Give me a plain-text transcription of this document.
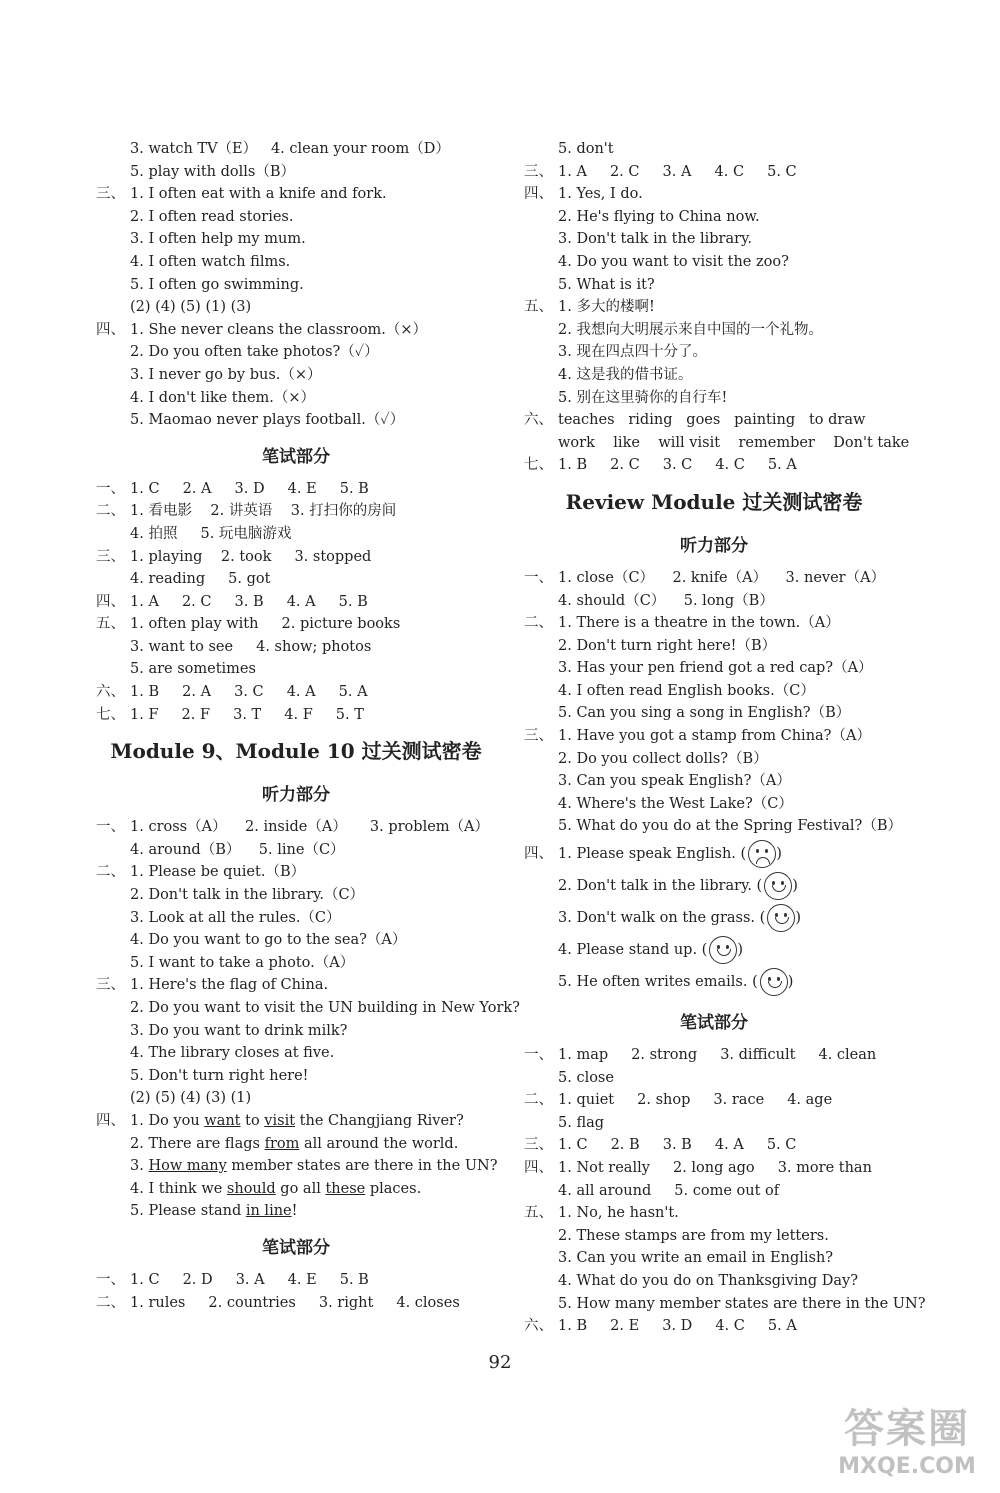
3. watch TV（E）   4. clean your room（D）
5. play with dolls（B）
三、 1. I often eat with a knife and fork.
2. I often read stories.
3. I often help my mum.
4. I often watch films.
5. I often go swimming.
(2) (4) (5) (1) (3)
四、 1. She never cleans the classroom.（×）
2. Do you often take photos?（✓）
3. I never go by bus.（×）
4. I don't like them.（×）
5. Maomao never plays football.（✓）
笔试部分
一、 1. C     2. A     3. D     4. E     5. B
二、 1. 看电影    2. 讲英语    3. 打扫你的房间
4. 拍照     5. 玩电脑游戏
三、 1. playing    2. took     3. stopped
4. reading     5. got
四、 1. A     2. C     3. B     4. A     5. B
五、 1. often play with     2. picture books
3. want to see     4. show; photos
5. are sometimes
六、 1. B     2. A     3. C     4. A     5. A
七、 1. F     2. F     3. T     4. F     5. T
Module 9、Module 10 过关测试密卷
听力部分
一、 1. cross（A）    2. inside（A）     3. problem（A）
4. around（B）    5. line（C）
二、 1. Please be quiet.（B）
2. Don't talk in the library.（C）
3. Look at all the rules.（C）
4. Do you want to go to the sea?（A）
5. I want to take a photo.（A）
三、 1. Here's the flag of China.
2. Do you want to visit the UN building in New York?
3. Do you want to drink milk?
4. The library closes at five.
5. Don't turn right here!
(2) (5) (4) (3) (1)
四、 1. Do you want to visit the Changjiang River?
2. There are flags from all around the world.
3. How many member states are there in the UN?
4. I think we should go all these places.
5. Please stand in line!
笔试部分
一、 1. C     2. D     3. A     4. E     5. B
二、 1. rules     2. countries     3. right     4. closes
5. don't
三、 1. A     2. C     3. A     4. C     5. C
四、 1. Yes, I do.
2. He's flying to China now.
3. Don't talk in the library.
4. Do you want to visit the zoo?
5. What is it?
五、 1. 多大的楼啊!
2. 我想向大明展示来自中国的一个礼物。
3. 现在四点四十分了。
4. 这是我的借书证。
5. 别在这里骑你的自行车!
六、 teaches   riding   goes   painting   to draw
work    like    will visit    remember    Don't take
七、 1. B     2. C     3. C     4. C     5. A
Review Module 过关测试密卷
听力部分
一、 1. close（C）    2. knife（A）    3. never（A）
4. should（C）    5. long（B）
二、 1. There is a theatre in the town.（A）
2. Don't turn right here!（B）
3. Has your pen friend got a red cap?（A）
4. I often read English books.（C）
5. Can you sing a song in English?（B）
三、 1. Have you got a stamp from China?（A）
2. Do you collect dolls?（B）
3. Can you speak English?（A）
4. Where's the West Lake?（C）
5. What do you do at the Spring Festival?（B）
四、 1. Please speak English. ( )
2. Don't talk in the library. ( )
3. Don't walk on the grass. ( )
4. Please stand up. ( )
5. He often writes emails. ( )
笔试部分
一、 1. map     2. strong     3. difficult     4. clean
5. close
二、 1. quiet     2. shop     3. race     4. age
5. flag
三、 1. C     2. B     3. B     4. A     5. C
四、 1. Not really     2. long ago     3. more than
4. all around     5. come out of
五、 1. No, he hasn't.
2. These stamps are from my letters.
3. Can you write an email in English?
4. What do you do on Thanksgiving Day?
5. How many member states are there in the UN?
六、 1. B     2. E     3. D     4. C     5. A
92
答案圈
MXQE.COM
